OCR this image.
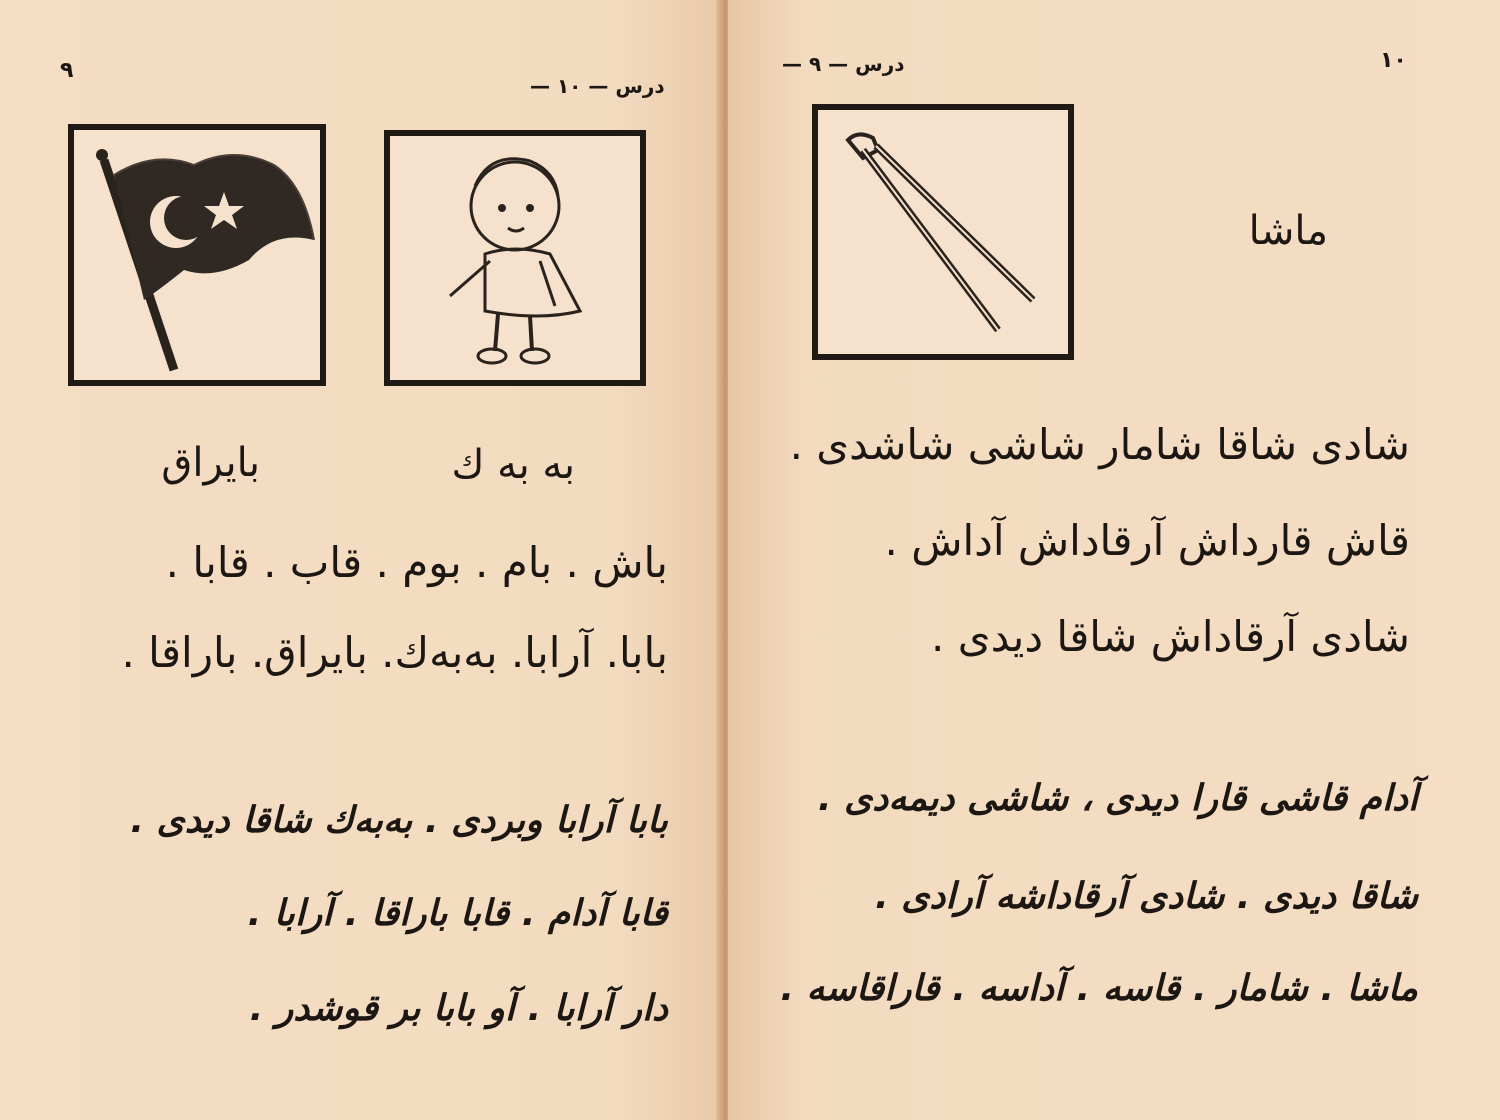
۹
درس — ۱۰ —
بایراق	به به ك
باش . بام . بوم . قاب . قابا .
بابا. آرابا. بەبەك. بایراق. باراقا .
بابا آرابا وبردی . بەبەك شاقا دیدی .
قابا آدام . قابا باراقا . آرابا .
دار آرابا . آو بابا بر قوشدر .
درس — ۹ —	۱۰
ماشا
شادی شاقا شامار شاشی شاشدی .
قاش قارداش آرقاداش آداش .
شادی آرقاداش شاقا دیدی .
آدام قاشی قارا دیدی ، شاشی دیمەدی .
شاقا دیدی . شادی آرقاداشه آرادی .
ماشا . شامار . قاسه . آداسه . قاراقاسه .
